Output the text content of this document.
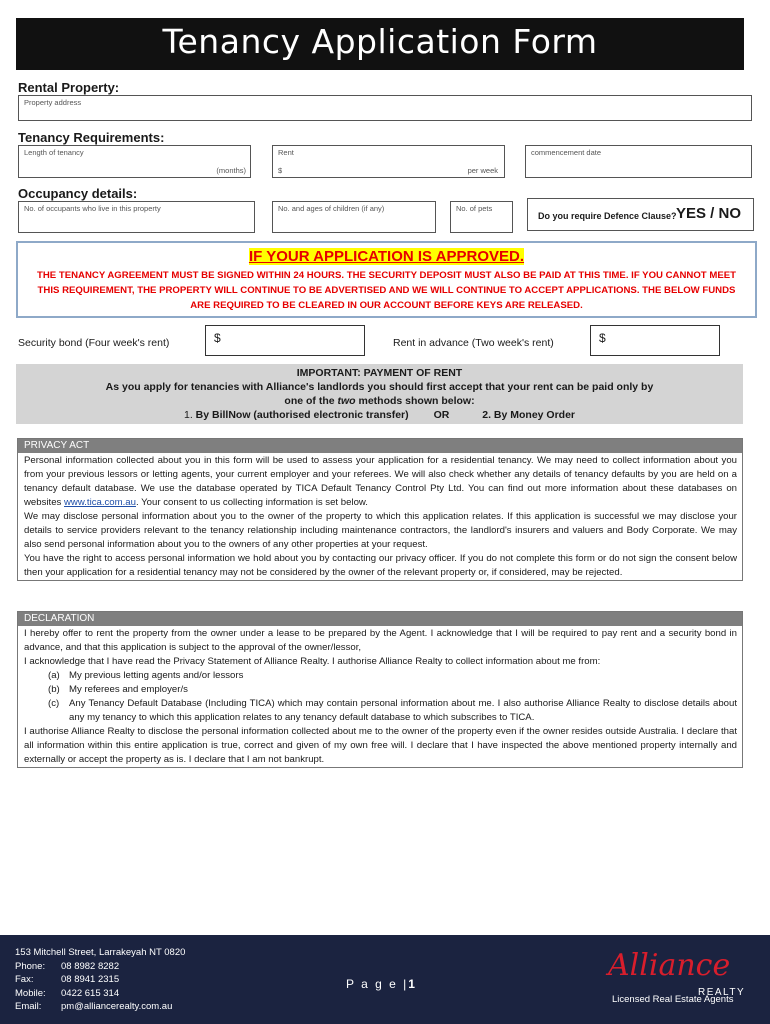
Tenancy Application Form
Rental Property:
Property address
Tenancy Requirements:
Length of tenancy
(months)
Rent
$	per week
commencement date
Occupancy details:
No. of occupants who live in this property	No. and ages of children (if any)	No. of pets
Do you require Defence Clause? YES / NO
IF YOUR APPLICATION IS APPROVED.
THE TENANCY AGREEMENT MUST BE SIGNED WITHIN 24 HOURS. THE SECURITY DEPOSIT MUST ALSO BE PAID AT THIS TIME. IF YOU CANNOT MEET THIS REQUIREMENT, THE PROPERTY WILL CONTINUE TO BE ADVERTISED AND WE WILL CONTINUE TO ACCEPT APPLICATIONS. THE BELOW FUNDS ARE REQUIRED TO BE CLEARED IN OUR ACCOUNT BEFORE KEYS ARE RELEASED.
Security bond (Four week's rent)	$	Rent in advance (Two week's rent)	$
IMPORTANT: PAYMENT OF RENT
As you apply for tenancies with Alliance's landlords you should first accept that your rent can be paid only by
one of the two methods shown below:
1. By BillNow (authorised electronic transfer) OR	2. By Money Order
PRIVACY ACT
Personal information collected about you in this form will be used to assess your application for a residential tenancy. We may need to collect information about you from your previous lessors or letting agents, your current employer and your referees. We will also check whether any details of tenancy defaults by you are held on a tenancy default database. We use the database operated by TICA Default Tenancy Control Pty Ltd. You can find out more information about these databases on websites www.tica.com.au. Your consent to us collecting information is set below.
We may disclose personal information about you to the owner of the property to which this application relates. If this application is successful we may disclose your details to service providers relevant to the tenancy relationship including maintenance contractors, the landlord's insurers and valuers and Body Corporate. We may also send personal information about you to the owners of any other properties at your request.
You have the right to access personal information we hold about you by contacting our privacy officer. If you do not complete this form or do not sign the consent below then your application for a residential tenancy may not be considered by the owner of the relevant property or, if considered, may be rejected.
DECLARATION
I hereby offer to rent the property from the owner under a lease to be prepared by the Agent. I acknowledge that I will be required to pay rent and a security bond in advance, and that this application is subject to the approval of the owner/lessor,
I acknowledge that I have read the Privacy Statement of Alliance Realty. I authorise Alliance Realty to collect information about me from:
(a) My previous letting agents and/or lessors
(b) My referees and employer/s
(c)	Any Tenancy Default Database (Including TICA) which may contain personal information about me. I also authorise Alliance Realty to disclose details about any my tenancy to which this application relates to any tenancy default database to which subscribes to TICA.
I authorise Alliance Realty to disclose the personal information collected about me to the owner of the property even if the owner resides outside Australia. I declare that all information within this entire application is true, correct and given of my own free will. I declare that I have inspected the above mentioned property internally and externally or accept the property as is. I declare that I am not bankrupt.
153 Mitchell Street, Larrakeyah NT 0820
Phone:	08 8982 8282
Fax:	08 8941 2315
Mobile:	0422 615 314
Email:	pm@alliancerealty.com.au
P a g e |1
Alliance
REALTY
Licensed Real Estate Agents
